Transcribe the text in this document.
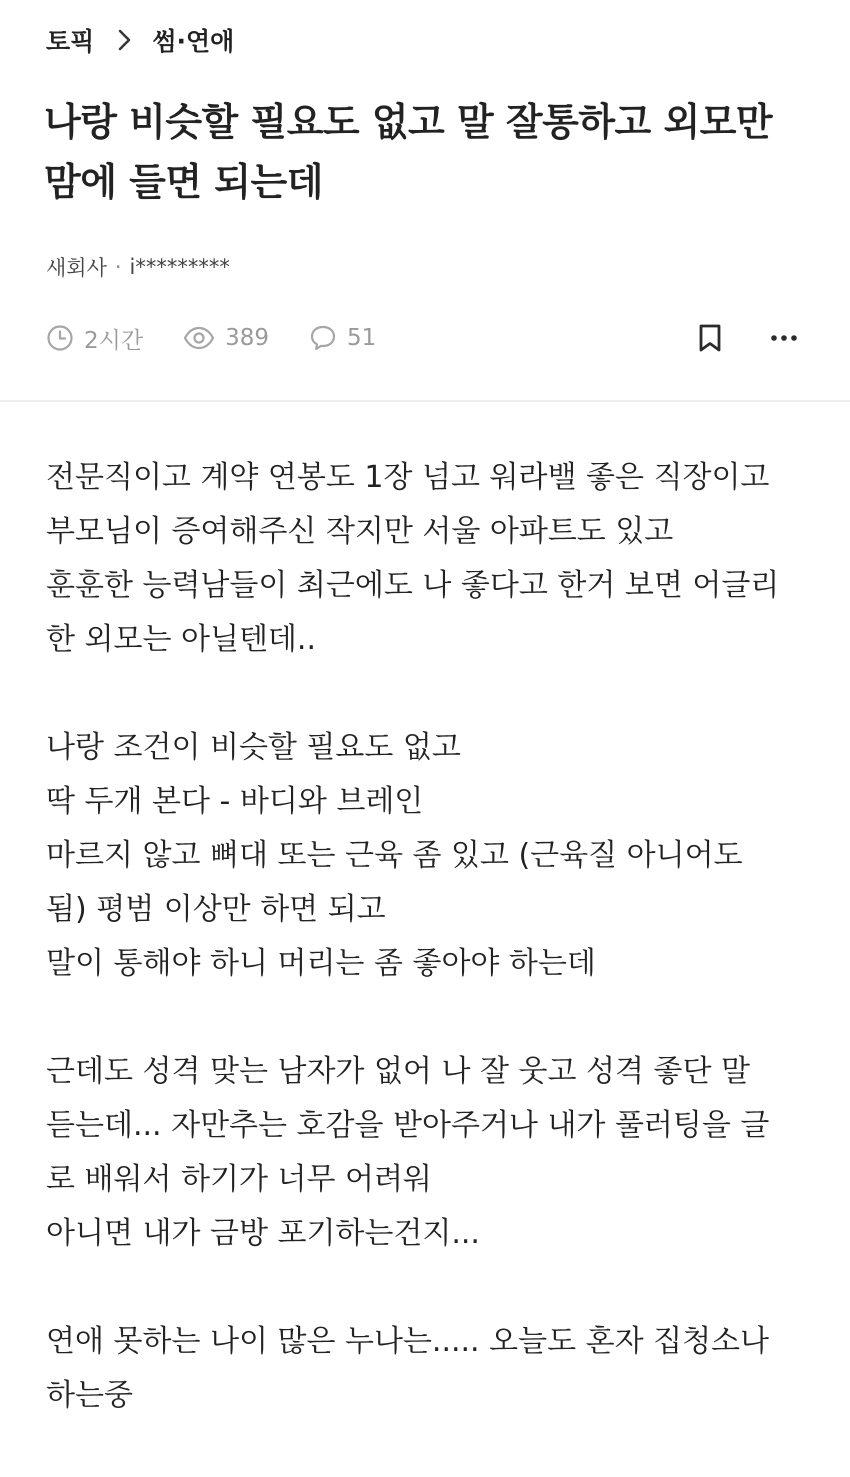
토픽 썸·연애
나랑 비슷할 필요도 없고 말 잘통하고 외모만 맘에 들면 되는데
새회사 · i*********
2시간	389	51

전문직이고 계약 연봉도 1장 넘고 워라밸 좋은 직장이고
부모님이 증여해주신 작지만 서울 아파트도 있고
훈훈한 능력남들이 최근에도 나 좋다고 한거 보면 어글리
한 외모는 아닐텐데..

나랑 조건이 비슷할 필요도 없고
딱 두개 본다 - 바디와 브레인
마르지 않고 뼈대 또는 근육 좀 있고 (근육질 아니어도
됨) 평범 이상만 하면 되고
말이 통해야 하니 머리는 좀 좋아야 하는데

근데도 성격 맞는 남자가 없어 나 잘 웃고 성격 좋단 말
듣는데... 자만추는 호감을 받아주거나 내가 풀러팅을 글
로 배워서 하기가 너무 어려워
아니면 내가 금방 포기하는건지...

연애 못하는 나이 많은 누나는..... 오늘도 혼자 집청소나
하는중
